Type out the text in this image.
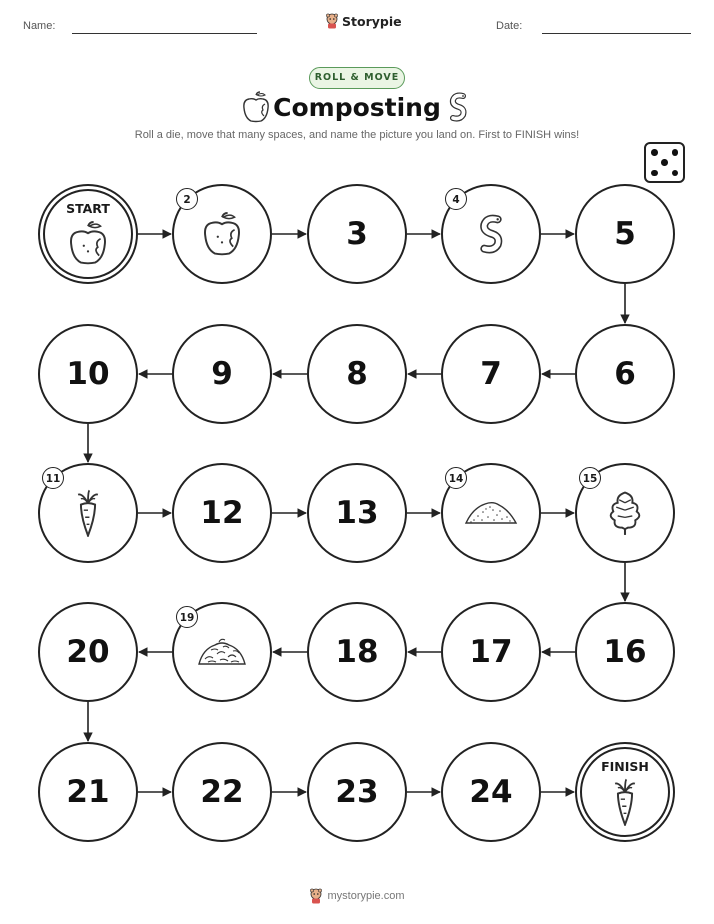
Name:	Storypie	Date:
ROLL & MOVE
Composting
Roll a die, move that many spaces, and name the picture you land on. First to FINISH wins!
START
2
3
4
5
6
7
8
9
10
11
12	13
14	15
16
17
18
19
20
21	22	23	24
FINISH
mystorypie.com
